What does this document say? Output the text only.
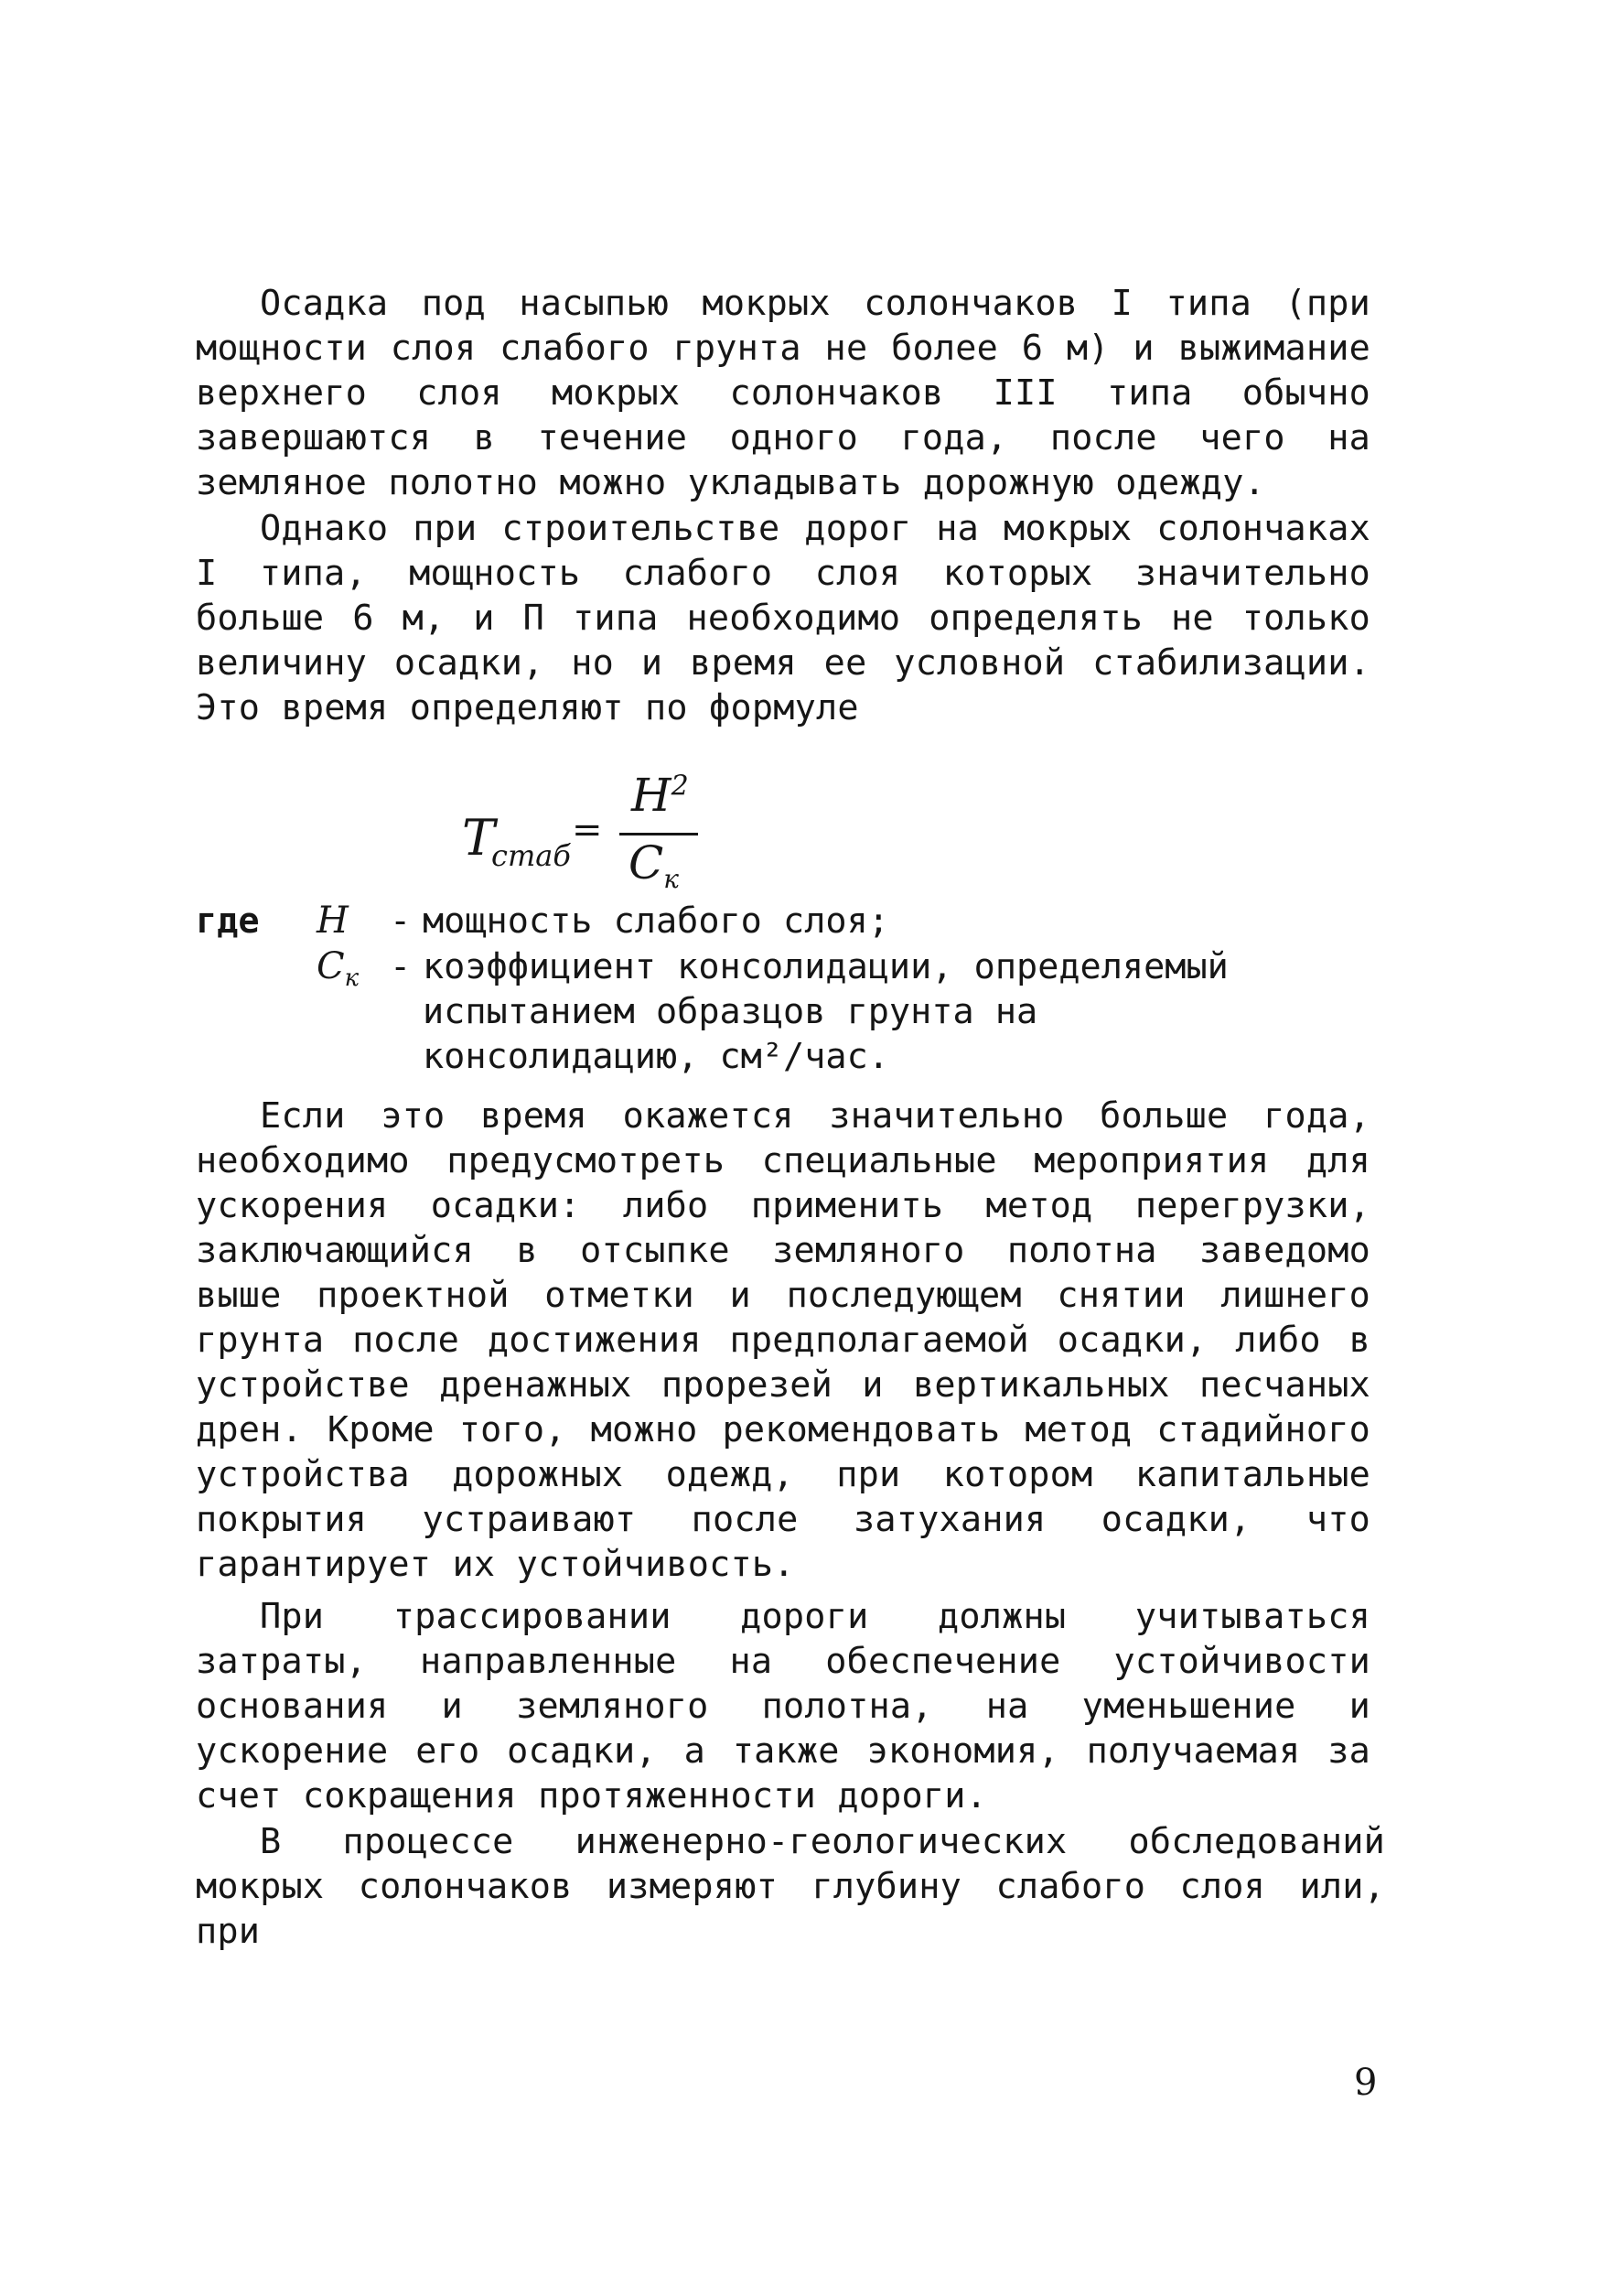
Осадка под насыпью мокрых солончаков I типа (при мощности слоя слабого грунта не более 6 м) и выжимание верхнего слоя мокрых солончаков III типа обычно завершаются в течение одного года, после чего на земляное полотно можно укладывать дорожную одежду.

Однако при строительстве дорог на мокрых солончаках I типа, мощность слабого слоя которых значительно больше 6 м, и П типа необходимо определять не только величину осадки, но и время ее условной стабилизации. Это время определяют по формуле

$T_{стаб}$
=
$H^2$
$C_к$
где H - мощность слабого слоя;
$C_к$ - коэффициент консолидации, определяемый испытанием образцов грунта на консолидацию, см²/час.

Если это время окажется значительно больше года, необходимо предусмотреть специальные мероприятия для ускорения осадки: либо применить метод перегрузки, заключающийся в отсыпке земляного полотна заведомо выше проектной отметки и последующем снятии лишнего грунта после достижения предполагаемой осадки, либо в устройстве дренажных прорезей и вертикальных песчаных дрен. Кроме того, можно рекомендовать метод стадийного устройства дорожных одежд, при котором капитальные покрытия устраивают после затухания осадки, что гарантирует их устойчивость.

При трассировании дороги должны учитываться затраты, направленные на обеспечение устойчивости основания и земляного полотна, на уменьшение и ускорение его осадки, а также экономия, получаемая за счет сокращения протяженности дороги.

В процессе инженерно-геологических обследований мокрых солончаков измеряют глубину слабого слоя или, при

9
